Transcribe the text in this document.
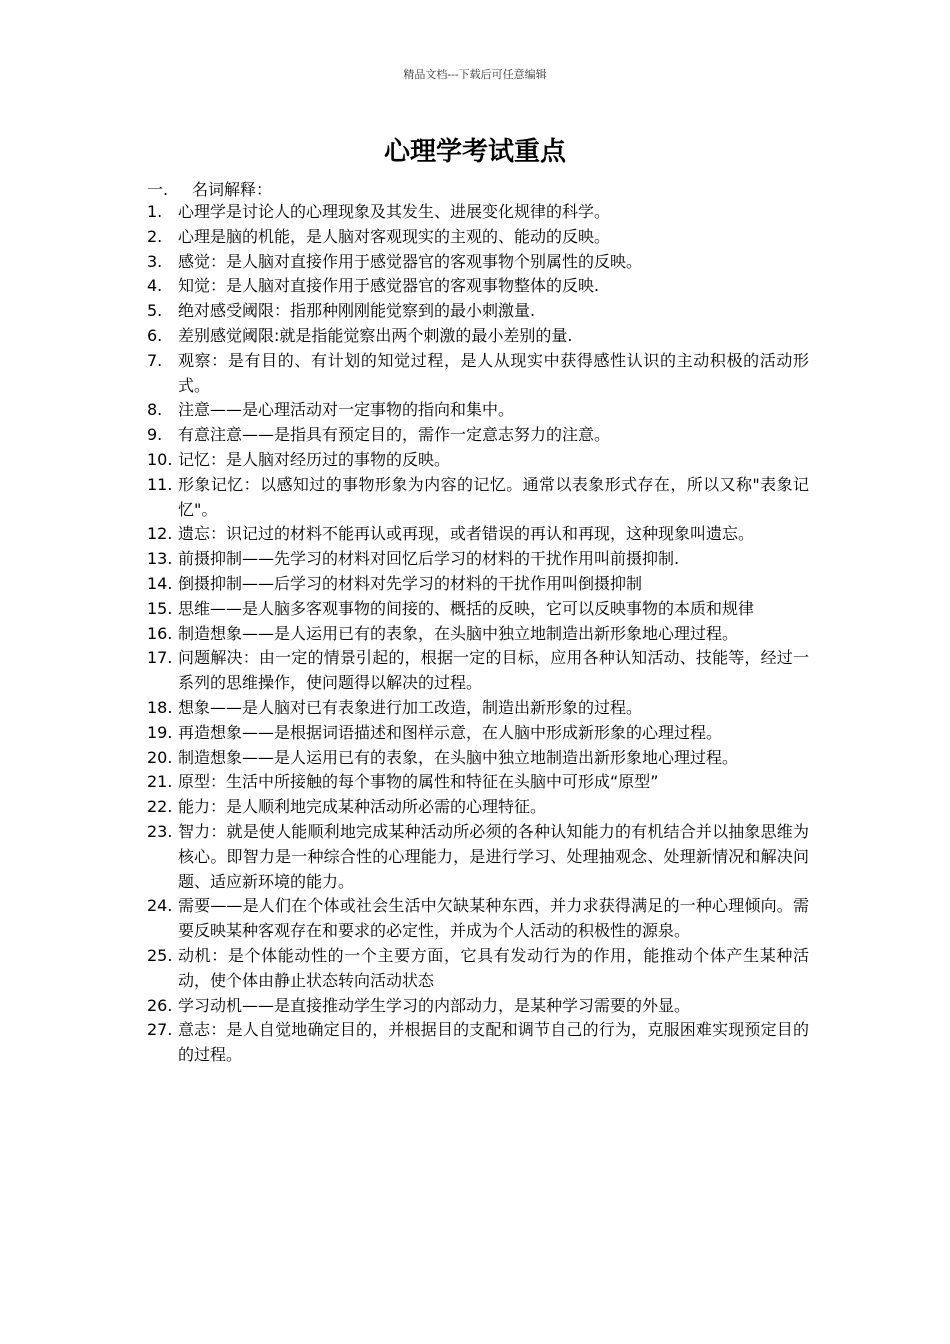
精品文档---下载后可任意编辑
心理学考试重点
一. 名词解释：
1. 心理学是讨论人的心理现象及其发生、进展变化规律的科学。
2. 心理是脑的机能，是人脑对客观现实的主观的、能动的反映。
3. 感觉：是人脑对直接作用于感觉器官的客观事物个别属性的反映。
4. 知觉：是人脑对直接作用于感觉器官的客观事物整体的反映.
5. 绝对感受阈限：指那种刚刚能觉察到的最小刺激量.
6. 差别感觉阈限:就是指能觉察出两个刺激的最小差别的量.
7. 观察：是有目的、有计划的知觉过程，是人从现实中获得感性认识的主动积极的活动形式。
8. 注意——是心理活动对一定事物的指向和集中。
9. 有意注意——是指具有预定目的，需作一定意志努力的注意。
10. 记忆：是人脑对经历过的事物的反映。
11. 形象记忆：以感知过的事物形象为内容的记忆。通常以表象形式存在，所以又称"表象记忆"。
12. 遗忘：识记过的材料不能再认或再现，或者错误的再认和再现，这种现象叫遗忘。
13. 前摄抑制——先学习的材料对回忆后学习的材料的干扰作用叫前摄抑制.
14. 倒摄抑制——后学习的材料对先学习的材料的干扰作用叫倒摄抑制
15. 思维——是人脑多客观事物的间接的、概括的反映，它可以反映事物的本质和规律
16. 制造想象——是人运用已有的表象，在头脑中独立地制造出新形象地心理过程。
17. 问题解决：由一定的情景引起的，根据一定的目标，应用各种认知活动、技能等，经过一系列的思维操作，使问题得以解决的过程。
18. 想象——是人脑对已有表象进行加工改造，制造出新形象的过程。
19. 再造想象——是根据词语描述和图样示意，在人脑中形成新形象的心理过程。
20. 制造想象——是人运用已有的表象，在头脑中独立地制造出新形象地心理过程。
21. 原型：生活中所接触的每个事物的属性和特征在头脑中可形成“原型”
22. 能力：是人顺利地完成某种活动所必需的心理特征。
23. 智力：就是使人能顺利地完成某种活动所必须的各种认知能力的有机结合并以抽象思维为核心。即智力是一种综合性的心理能力，是进行学习、处理抽观念、处理新情况和解决问题、适应新环境的能力。
24. 需要——是人们在个体或社会生活中欠缺某种东西，并力求获得满足的一种心理倾向。需要反映某种客观存在和要求的必定性，并成为个人活动的积极性的源泉。
25. 动机：是个体能动性的一个主要方面，它具有发动行为的作用，能推动个体产生某种活动，使个体由静止状态转向活动状态
26. 学习动机——是直接推动学生学习的内部动力，是某种学习需要的外显。
27. 意志：是人自觉地确定目的，并根据目的支配和调节自己的行为，克服困难实现预定目的的过程。
